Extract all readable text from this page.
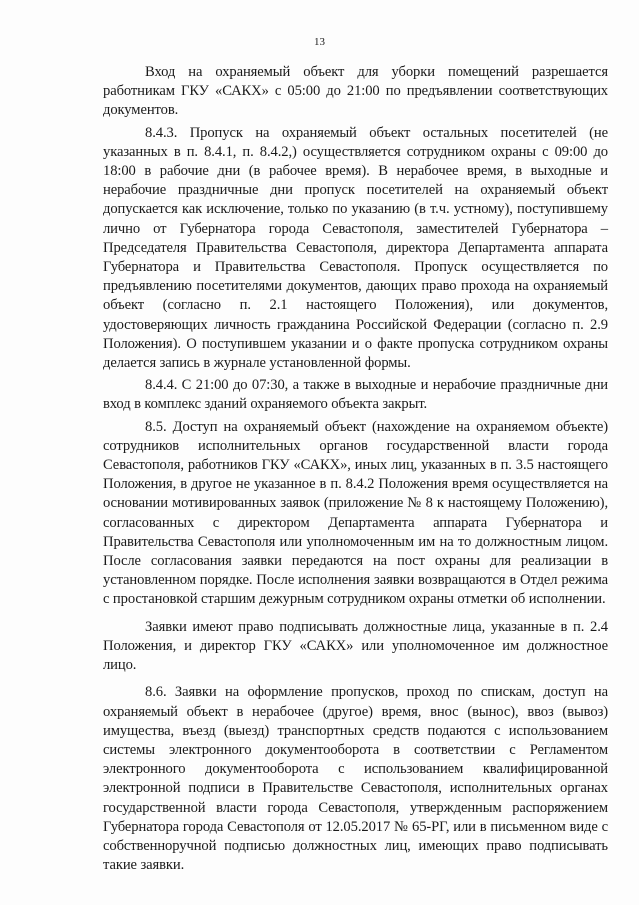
13

Вход на охраняемый объект для уборки помещений разрешается работникам ГКУ «САКХ» с 05:00 до 21:00 по предъявлении соответствующих документов.

8.4.3. Пропуск на охраняемый объект остальных посетителей (не указанных в п. 8.4.1, п. 8.4.2,) осуществляется сотрудником охраны с 09:00 до 18:00 в рабочие дни (в рабочее время). В нерабочее время, в выходные и нерабочие праздничные дни пропуск посетителей на охраняемый объект допускается как исключение, только по указанию (в т.ч. устному), поступившему лично от Губернатора города Севастополя, заместителей Губернатора – Председателя Правительства Севастополя, директора Департамента аппарата Губернатора и Правительства Севастополя. Пропуск осуществляется по предъявлению посетителями документов, дающих право прохода на охраняемый объект (согласно п. 2.1 настоящего Положения), или документов, удостоверяющих личность гражданина Российской Федерации (согласно п. 2.9 Положения). О поступившем указании и о факте пропуска сотрудником охраны делается запись в журнале установленной формы.

8.4.4. С 21:00 до 07:30, а также в выходные и нерабочие праздничные дни вход в комплекс зданий охраняемого объекта закрыт.

8.5. Доступ на охраняемый объект (нахождение на охраняемом объекте) сотрудников исполнительных органов государственной власти города Севастополя, работников ГКУ «САКХ», иных лиц, указанных в п. 3.5 настоящего Положения, в другое не указанное в п. 8.4.2 Положения время осуществляется на основании мотивированных заявок (приложение № 8 к настоящему Положению), согласованных с директором Департамента аппарата Губернатора и Правительства Севастополя или уполномоченным им на то должностным лицом. После согласования заявки передаются на пост охраны для реализации в установленном порядке. После исполнения заявки возвращаются в Отдел режима с простановкой старшим дежурным сотрудником охраны отметки об исполнении.

Заявки имеют право подписывать должностные лица, указанные в п. 2.4 Положения, и директор ГКУ «САКХ» или уполномоченное им должностное лицо.

8.6. Заявки на оформление пропусков, проход по спискам, доступ на охраняемый объект в нерабочее (другое) время, внос (вынос), ввоз (вывоз) имущества, въезд (выезд) транспортных средств подаются с использованием системы электронного документооборота в соответствии с Регламентом электронного документооборота с использованием квалифицированной электронной подписи в Правительстве Севастополя, исполнительных органах государственной власти города Севастополя, утвержденным распоряжением Губернатора города Севастополя от 12.05.2017 № 65-РГ, или в письменном виде с собственноручной подписью должностных лиц, имеющих право подписывать такие заявки.
